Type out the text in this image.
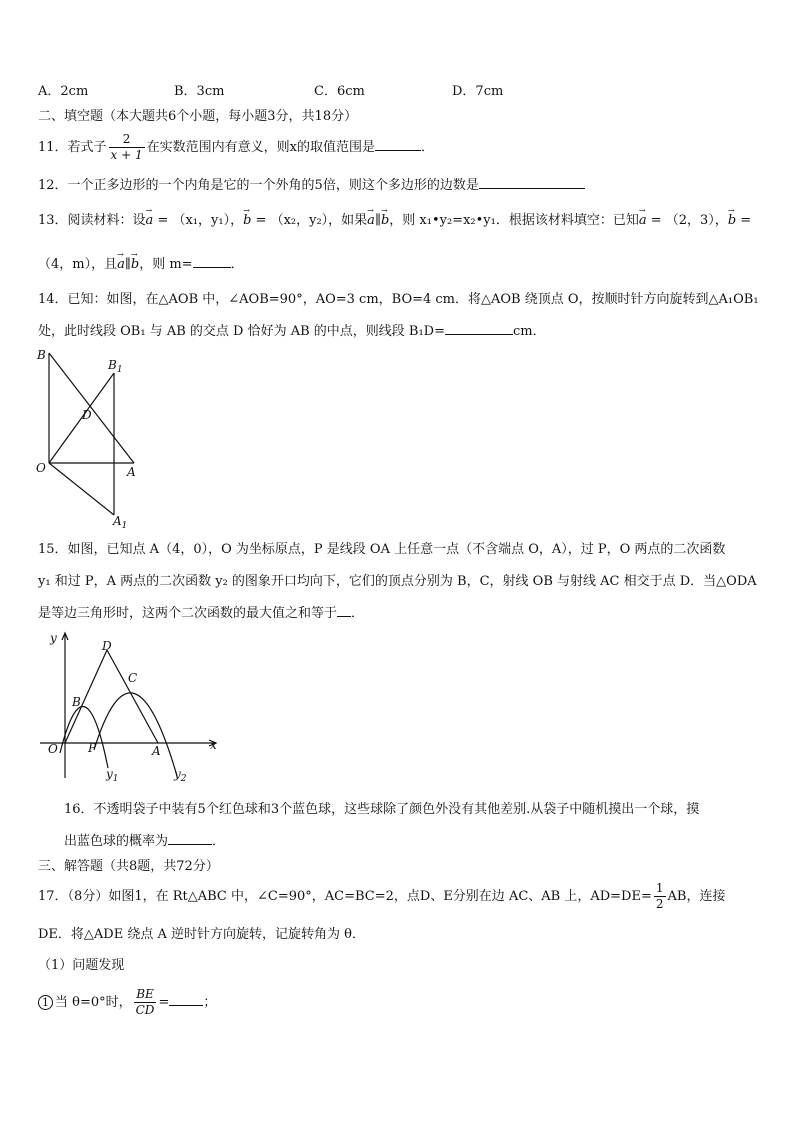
A．2cm	B．3cm	C．6cm	D．7cm
二、填空题（本大题共6个小题，每小题3分，共18分）
11．若式子 $\frac{2}{x + 1}$ 在实数范围内有意义，则x的取值范围是	．
12．一个正多边形的一个内角是它的一个外角的5倍，则这个多边形的边数是
13．阅读材料：设→ a = （x₁，y₁），→ b = （x₂，y₂），如果→ a∥→ b，则 x₁•y₂=x₂•y₁．根据该材料填空：已知→ a = （2，3），→ b =
（4，m），且→ a∥→ b，则 m=	．
14．已知：如图，在△AOB 中，∠AOB=90°，AO=3 cm，BO=4 cm．将△AOB 绕顶点 O，按顺时针方向旋转到△A₁OB₁
处，此时线段 OB₁ 与 AB 的交点 D 恰好为 AB 的中点，则线段 B₁D=	cm．
B
$B_1$
D
O	A
$A_1$
15．如图，已知点 A（4，0），O 为坐标原点，P 是线段 OA 上任意一点（不含端点 O，A），过 P，O 两点的二次函数
y₁ 和过 P，A 两点的二次函数 y₂ 的图象开口均向下，它们的顶点分别为 B，C，射线 OB 与射线 AC 相交于点 D．当△ODA
是等边三角形时，这两个二次函数的最大值之和等于 ．
y
x
O
B
D
C
P	A
$y_1$	$y_2$
16．不透明袋子中装有5个红色球和3个蓝色球，这些球除了颜色外没有其他差别.从袋子中随机摸出一个球，摸
出蓝色球的概率为	．
三、解答题（共8题，共72分）
17．（8分）如图1，在 Rt△ABC 中，∠C=90°，AC=BC=2，点D、E分别在边 AC、AB 上，$AD=DE= \frac{1}{2}$ AB，连接
DE．将△ADE 绕点 A 逆时针方向旋转，记旋转角为 θ．
（1）问题发现
1 当 θ=0°时， $\frac{BE}{CD}$ =	；
